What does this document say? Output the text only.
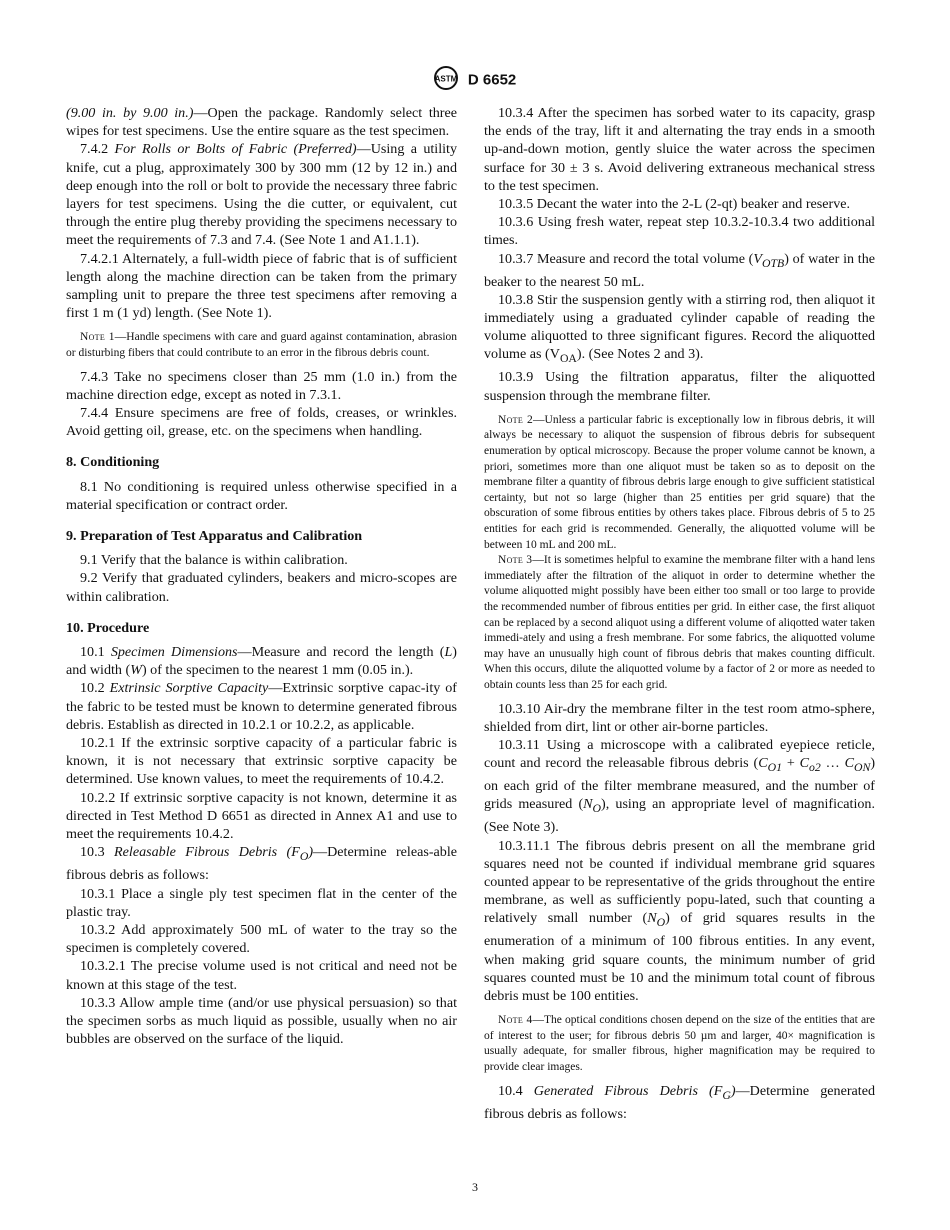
ASTM D 6652

(9.00 in. by 9.00 in.)—Open the package. Randomly select three wipes for test specimens. Use the entire square as the test specimen.

7.4.2 For Rolls or Bolts of Fabric (Preferred)—Using a utility knife, cut a plug, approximately 300 by 300 mm (12 by 12 in.) and deep enough into the roll or bolt to provide the necessary three fabric layers for test specimens. Using the die cutter, or equivalent, cut through the entire plug thereby providing the specimens necessary to meet the requirements of 7.3 and 7.4. (See Note 1 and A1.1.1).

7.4.2.1 Alternately, a full-width piece of fabric that is of sufficient length along the machine direction can be taken from the primary sampling unit to prepare the three test specimens after removing a first 1 m (1 yd) length. (See Note 1).

Note 1—Handle specimens with care and guard against contamination, abrasion or disturbing fibers that could contribute to an error in the fibrous debris count.

7.4.3 Take no specimens closer than 25 mm (1.0 in.) from the machine direction edge, except as noted in 7.3.1.

7.4.4 Ensure specimens are free of folds, creases, or wrinkles. Avoid getting oil, grease, etc. on the specimens when handling.

8. Conditioning

8.1 No conditioning is required unless otherwise specified in a material specification or contract order.

9. Preparation of Test Apparatus and Calibration

9.1 Verify that the balance is within calibration.

9.2 Verify that graduated cylinders, beakers and micro-scopes are within calibration.

10. Procedure

10.1 Specimen Dimensions—Measure and record the length (L) and width (W) of the specimen to the nearest 1 mm (0.05 in.).

10.2 Extrinsic Sorptive Capacity—Extrinsic sorptive capac-ity of the fabric to be tested must be known to determine generated fibrous debris. Establish as directed in 10.2.1 or 10.2.2, as applicable.

10.2.1 If the extrinsic sorptive capacity of a particular fabric is known, it is not necessary that extrinsic sorptive capacity be determined. Use known values, to meet the requirements of 10.4.2.

10.2.2 If extrinsic sorptive capacity is not known, determine it as directed in Test Method D 6651 as directed in Annex A1 and use to meet the requirements 10.4.2.

10.3 Releasable Fibrous Debris $(F_O)—Determine$ releas-able fibrous debris as follows:

10.3.1 Place a single ply test specimen flat in the center of the plastic tray.

10.3.2 Add approximately 500 mL of water to the tray so the specimen is completely covered.

10.3.2.1 The precise volume used is not critical and need not be known at this stage of the test.

10.3.3 Allow ample time (and/or use physical persuasion) so that the specimen sorbs as much liquid as possible, usually when no air bubbles are observed on the surface of the liquid.

10.3.4 After the specimen has sorbed water to its capacity, grasp the ends of the tray, lift it and alternating the tray ends in a smooth up-and-down motion, gently sluice the water across the specimen surface for 30 ± 3 s. Avoid delivering extraneous mechanical stress to the test specimen.

10.3.5 Decant the water into the 2-L (2-qt) beaker and reserve.

10.3.6 Using fresh water, repeat step 10.3.2-10.3.4 two additional times.

10.3.7 Measure and record the total volume $(V_{OTB})$ of water in the beaker to the nearest 50 mL.

10.3.8 Stir the suspension gently with a stirring rod, then aliquot it immediately using a graduated cylinder capable of reading the volume aliquotted to three significant figures. Record the aliquotted volume as $(V_{OA})$. (See Notes 2 and 3).

10.3.9 Using the filtration apparatus, filter the aliquotted suspension through the membrane filter.

Note 2—Unless a particular fabric is exceptionally low in fibrous debris, it will always be necessary to aliquot the suspension of fibrous debris for subsequent enumeration by optical microscopy. Because the proper volume cannot be known, a priori, sometimes more than one aliquot must be taken so as to deposit on the membrane filter a quantity of fibrous debris large enough to give sufficient statistical certainty, but not so large (higher than 25 entities per grid square) that the obscuration of some fibrous entities by others takes place. Fibrous debris of 5 to 25 entities for each grid is recommended. Generally, the aliquotted volume will be between 10 mL and 200 mL.

Note 3—It is sometimes helpful to examine the membrane filter with a hand lens immediately after the filtration of the aliquot in order to determine whether the volume aliquotted might possibly have been either too small or too large to provide the recommended number of fibrous entities per grid. In either case, the first aliquot can be replaced by a second aliquot using a different volume of aliqotted water taken immedi-ately and using a fresh membrane. For some fabrics, the aliquotted volume may have an unusually high count of fibrous debris that makes counting difficult. When this occurs, dilute the aliquotted volume by a factor of 2 or more as needed to obtain counts less than 25 for each grid.

10.3.10 Air-dry the membrane filter in the test room atmo-sphere, shielded from dirt, lint or other air-borne particles.

10.3.11 Using a microscope with a calibrated eyepiece reticle, count and record the releasable fibrous debris ($C_{O1} + C_{o2}$ … $C_{ON}$) on each grid of the filter membrane measured, and the number of grids measured $(N_O)$, using an appropriate level of magnification. (See Note 3).

10.3.11.1 The fibrous debris present on all the membrane grid squares need not be counted if individual membrane grid squares counted appear to be representative of the grids throughout the entire membrane, as well as sufficiently popu-lated, such that counting a relatively small number $(N_O)$ of grid squares results in the enumeration of a minimum of 100 fibrous entities. In any event, when making grid square counts, the minimum number of grid squares counted must be 10 and the minimum total count of fibrous debris must be 100 entities.

Note 4—The optical conditions chosen depend on the size of the entities that are of interest to the user; for fibrous debris 50 µm and larger, 40× magnification is usually adequate, for smaller fibrous, higher magnification may be required to provide clear images.

10.4 Generated Fibrous Debris $(F_G)—Determine$ generated fibrous debris as follows:

3
